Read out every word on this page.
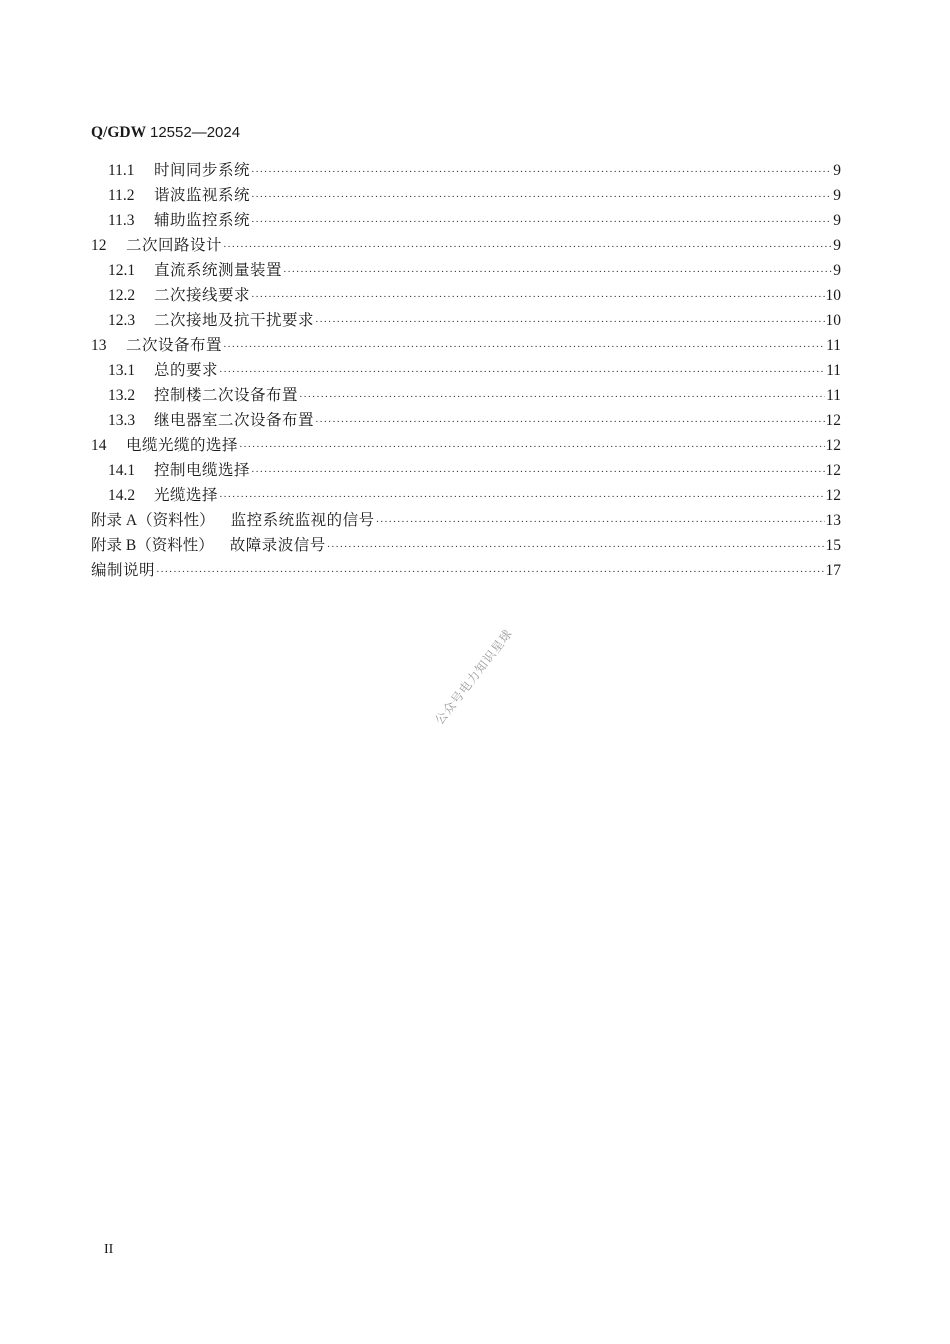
Q/GDW 12552—2024
11.1	时间同步系统 ·····	9
11.2	谐波监视系统 ·····	9
11.3	辅助监控系统 ·····	9
12	二次回路设计 ·····	9
12.1	直流系统测量装置 ·····	9
12.2	二次接线要求 ·····	10
12.3	二次接地及抗干扰要求 ·····	10
13	二次设备布置 ·····	11
13.1	总的要求 ·····	11
13.2	控制楼二次设备布置 ·····	11
13.3	继电器室二次设备布置 ·····	12
14	电缆光缆的选择 ·····	12
14.1	控制电缆选择 ·····	12
14.2	光缆选择 ·····	12
附录 A（资料性） 监控系统监视的信号 ·····	13
附录 B（资料性） 故障录波信号 ·····	15
编制说明 ·····	17
公众号电力知识星球
II
